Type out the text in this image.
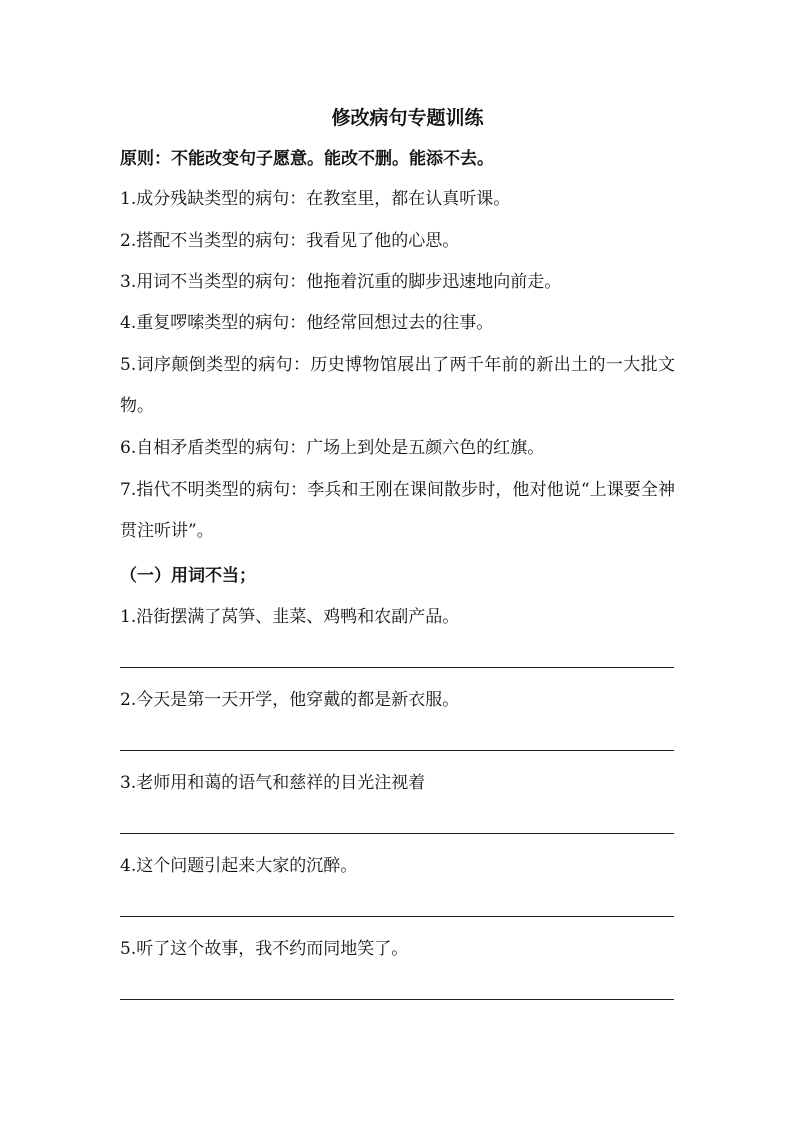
修改病句专题训练
原则：不能改变句子愿意。能改不删。能添不去。
1.成分残缺类型的病句：在教室里，都在认真听课。
2.搭配不当类型的病句：我看见了他的心思。
3.用词不当类型的病句：他拖着沉重的脚步迅速地向前走。
4.重复啰嗦类型的病句：他经常回想过去的往事。
5.词序颠倒类型的病句：历史博物馆展出了两千年前的新出土的一大批文物。
6.自相矛盾类型的病句：广场上到处是五颜六色的红旗。
7.指代不明类型的病句：李兵和王刚在课间散步时，他对他说“上课要全神贯注听讲”。
（一）用词不当；
1.沿街摆满了莴笋、韭菜、鸡鸭和农副产品。
2.今天是第一天开学，他穿戴的都是新衣服。
3.老师用和蔼的语气和慈祥的目光注视着
4.这个问题引起来大家的沉醉。
5.听了这个故事，我不约而同地笑了。
